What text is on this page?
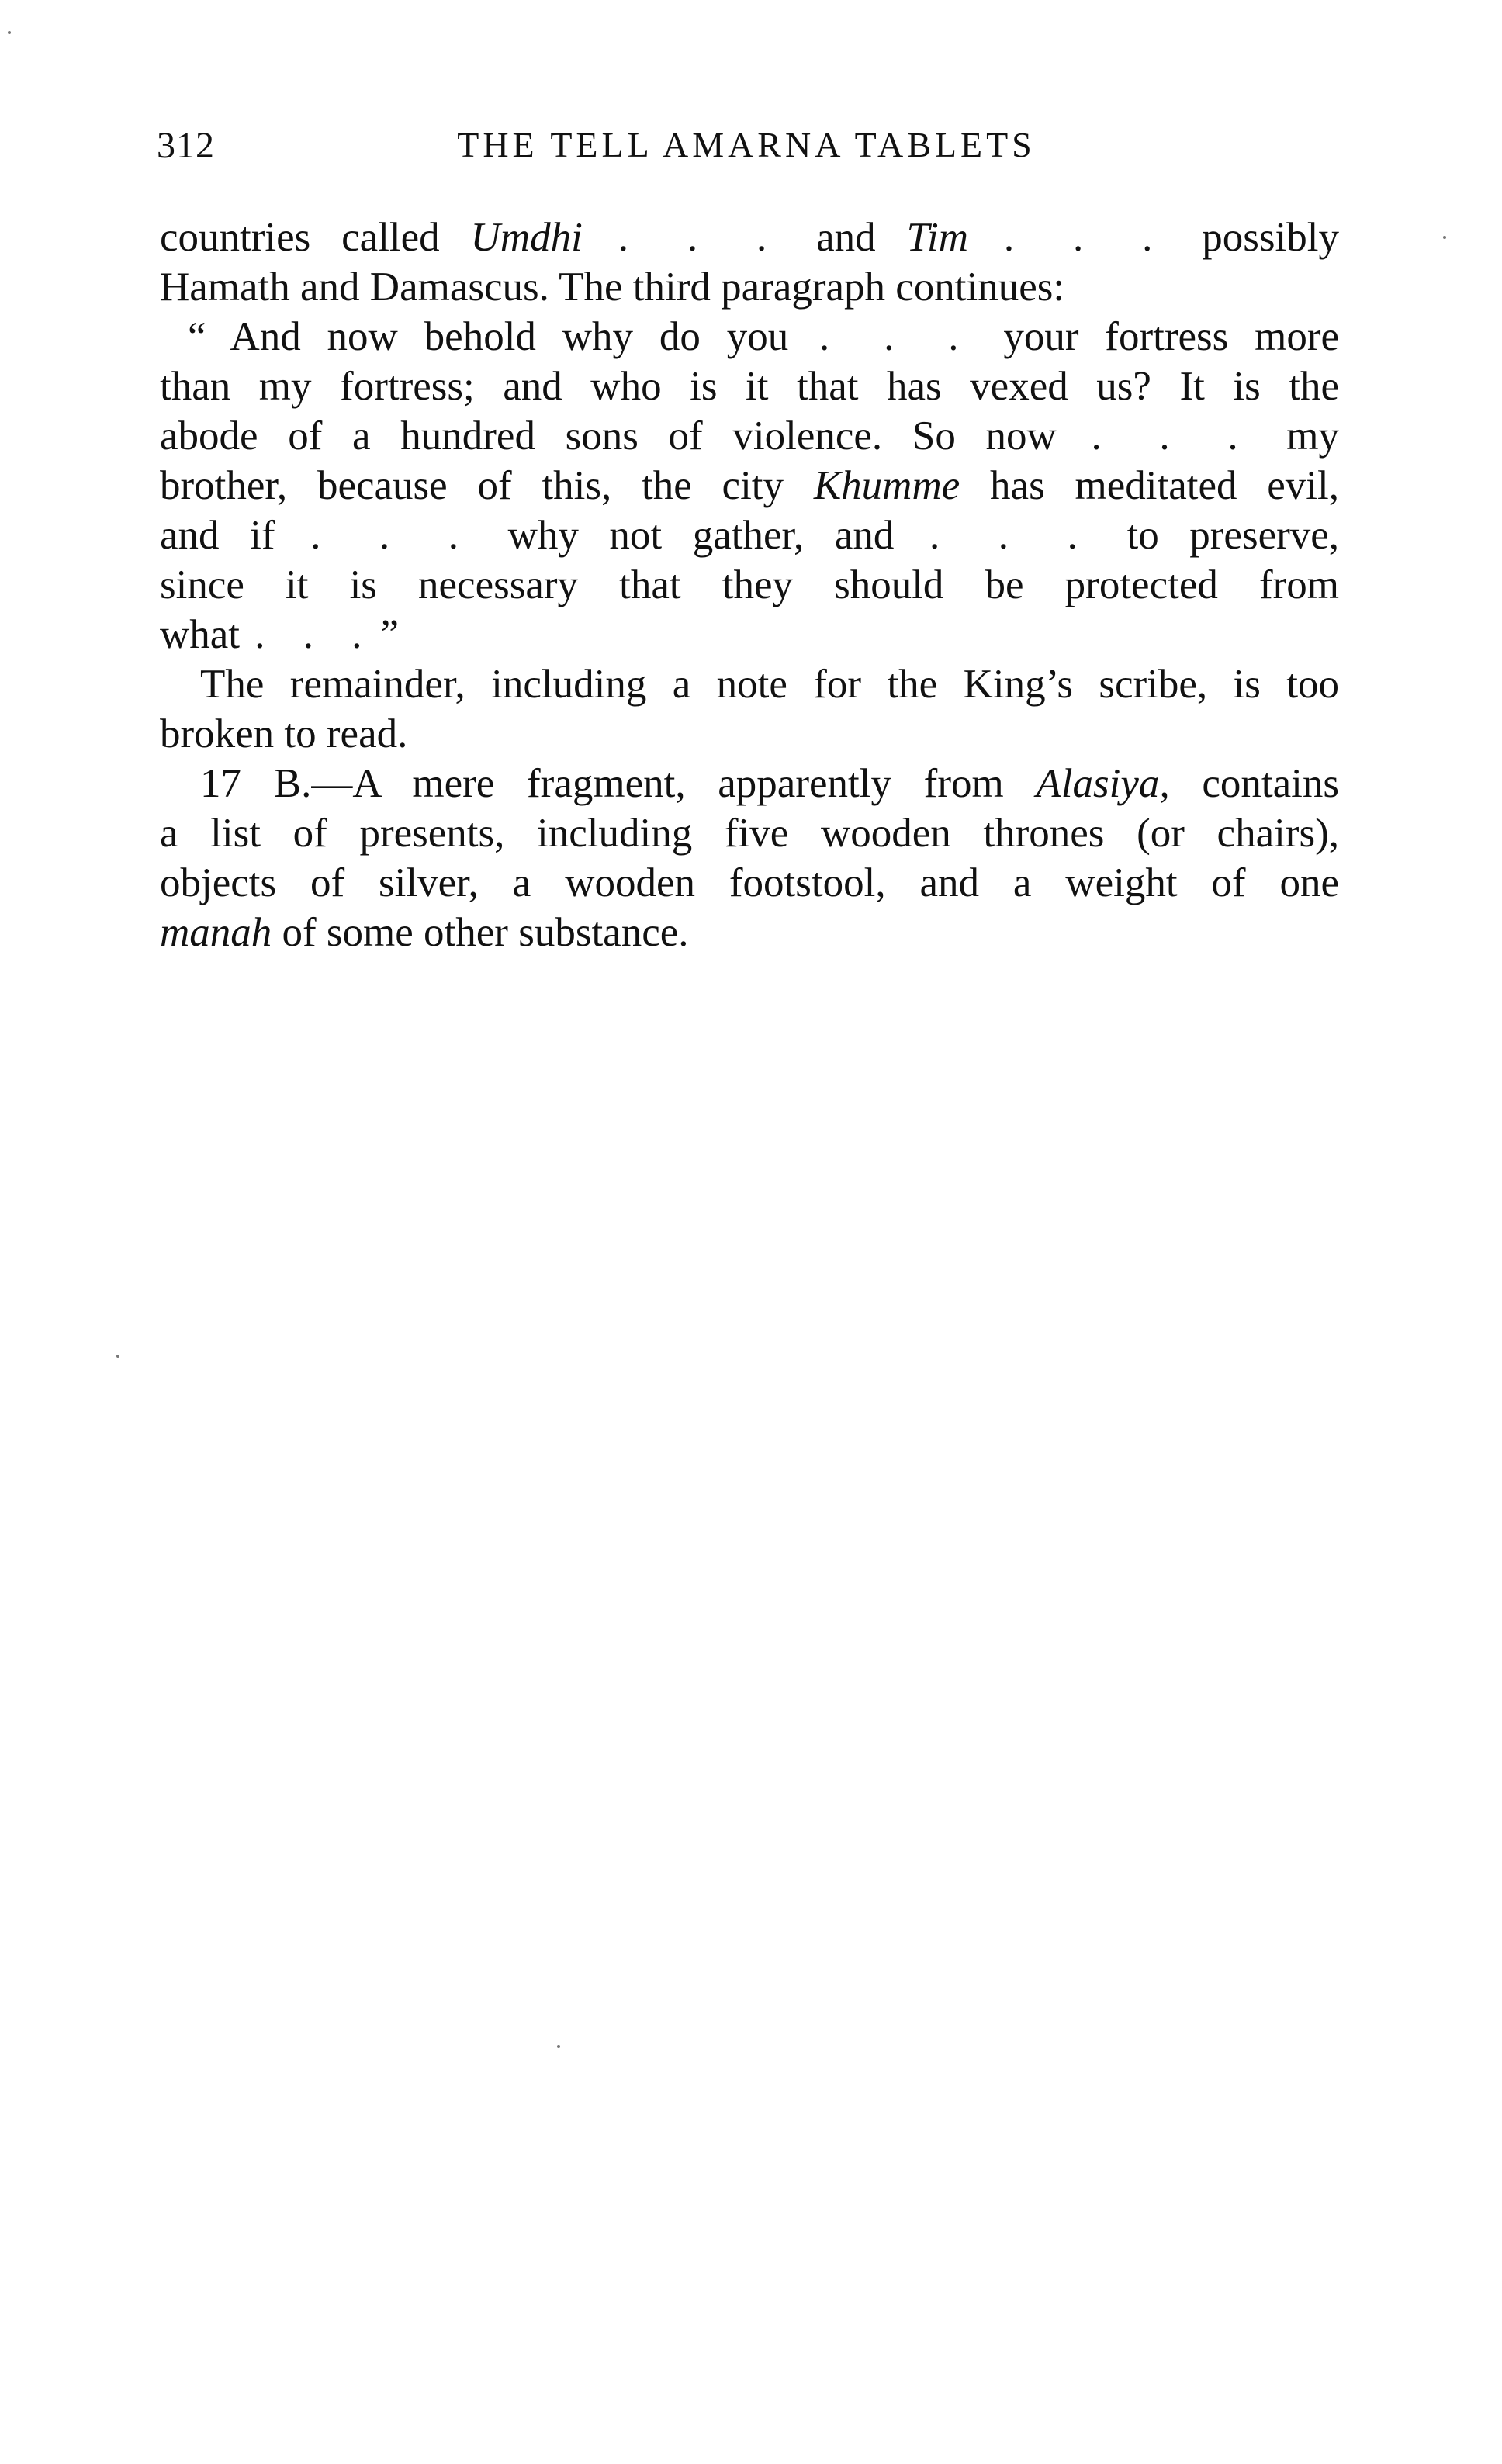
312	THE TELL AMARNA TABLETS
countries called Umdhi . . . and Tim . . . possibly
Hamath and Damascus. The third paragraph continues:
“ And now behold why do you . . . your fortress more
than my fortress; and who is it that has vexed us? It is the
abode of a hundred sons of violence. So now . . . my
brother, because of this, the city Khumme has meditated evil,
and if . . . why not gather, and . . . to preserve,
since it is necessary that they should be protected from
what . . . ”
The remainder, including a note for the King’s scribe, is too
broken to read.
17 B.—A mere fragment, apparently from Alasiya, contains
a list of presents, including five wooden thrones (or chairs),
objects of silver, a wooden footstool, and a weight of one
manah of some other substance.
